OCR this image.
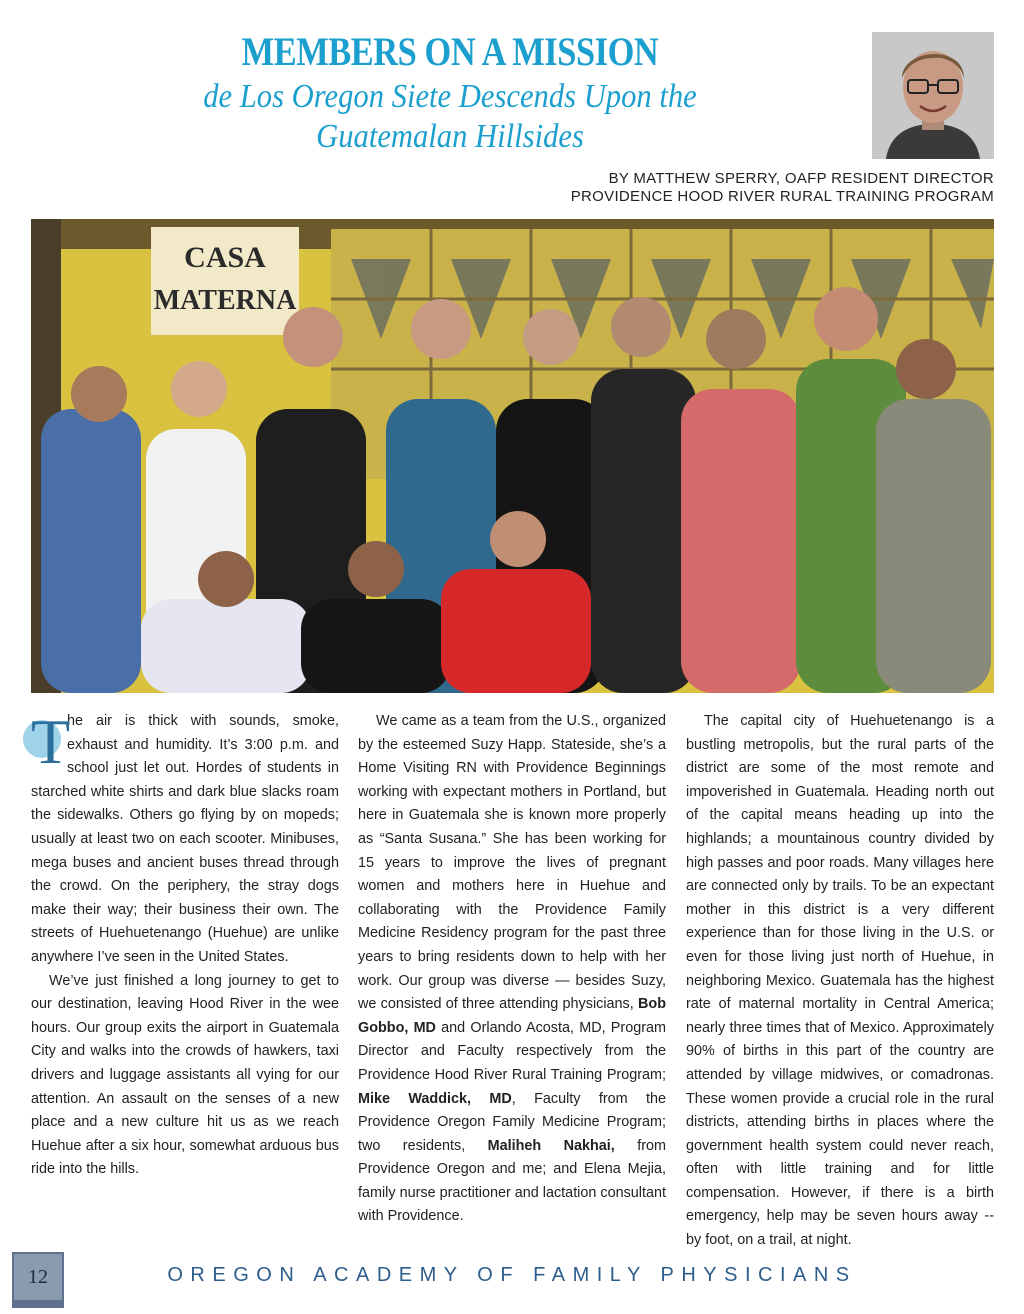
MEMBERS ON A MISSION
de Los Oregon Siete Descends Upon the
Guatemalan Hillsides
BY MATTHEW SPERRY, OAFP RESIDENT DIRECTOR
PROVIDENCE HOOD RIVER RURAL TRAINING PROGRAM
CASA
MATERNA

T
he air is thick with sounds, smoke, exhaust and humidity. It’s 3:00 p.m. and school just let out. Hordes of students in starched white shirts and dark blue slacks roam the sidewalks. Others go flying by on mopeds; usually at least two on each scooter. Minibuses, mega buses and ancient buses thread through the crowd. On the periphery, the stray dogs make their way; their business their own. The streets of Huehuetenango (Huehue) are unlike anywhere I’ve seen in the United States.

We’ve just finished a long journey to get to our destination, leaving Hood River in the wee hours. Our group exits the airport in Guatemala City and walks into the crowds of hawkers, taxi drivers and luggage assistants all vying for our attention. An assault on the senses of a new place and a new culture hit us as we reach Huehue after a six hour, somewhat arduous bus ride into the hills.

We came as a team from the U.S., organized by the esteemed Suzy Happ. Stateside, she’s a Home Visiting RN with Providence Beginnings working with expectant mothers in Portland, but here in Guatemala she is known more properly as “Santa Susana.” She has been working for 15 years to improve the lives of pregnant women and mothers here in Huehue and collaborating with the Providence Family Medicine Residency program for the past three years to bring residents down to help with her work. Our group was diverse — besides Suzy, we consisted of three attending physicians, Bob Gobbo, MD and Orlando Acosta, MD, Program Director and Faculty respectively from the Providence Hood River Rural Training Program; Mike Waddick, MD, Faculty from the Providence Oregon Family Medicine Program; two residents, Maliheh Nakhai, from Providence Oregon and me; and Elena Mejia, family nurse practitioner and lactation consultant with Providence.

The capital city of Huehuetenango is a bustling metropolis, but the rural parts of the district are some of the most remote and impoverished in Guatemala. Heading north out of the capital means heading up into the highlands; a mountainous country divided by high passes and poor roads. Many villages here are connected only by trails. To be an expectant mother in this district is a very different experience than for those living in the U.S. or even for those living just north of Huehue, in neighboring Mexico. Guatemala has the highest rate of maternal mortality in Central America; nearly three times that of Mexico. Approximately 90% of births in this part of the country are attended by village midwives, or comadronas. These women provide a crucial role in the rural districts, attending births in places where the government health system could never reach, often with little training and for little compensation. However, if there is a birth emergency, help may be seven hours away -- by foot, on a trail, at night.

12	OREGON ACADEMY OF FAMILY PHYSICIANS
